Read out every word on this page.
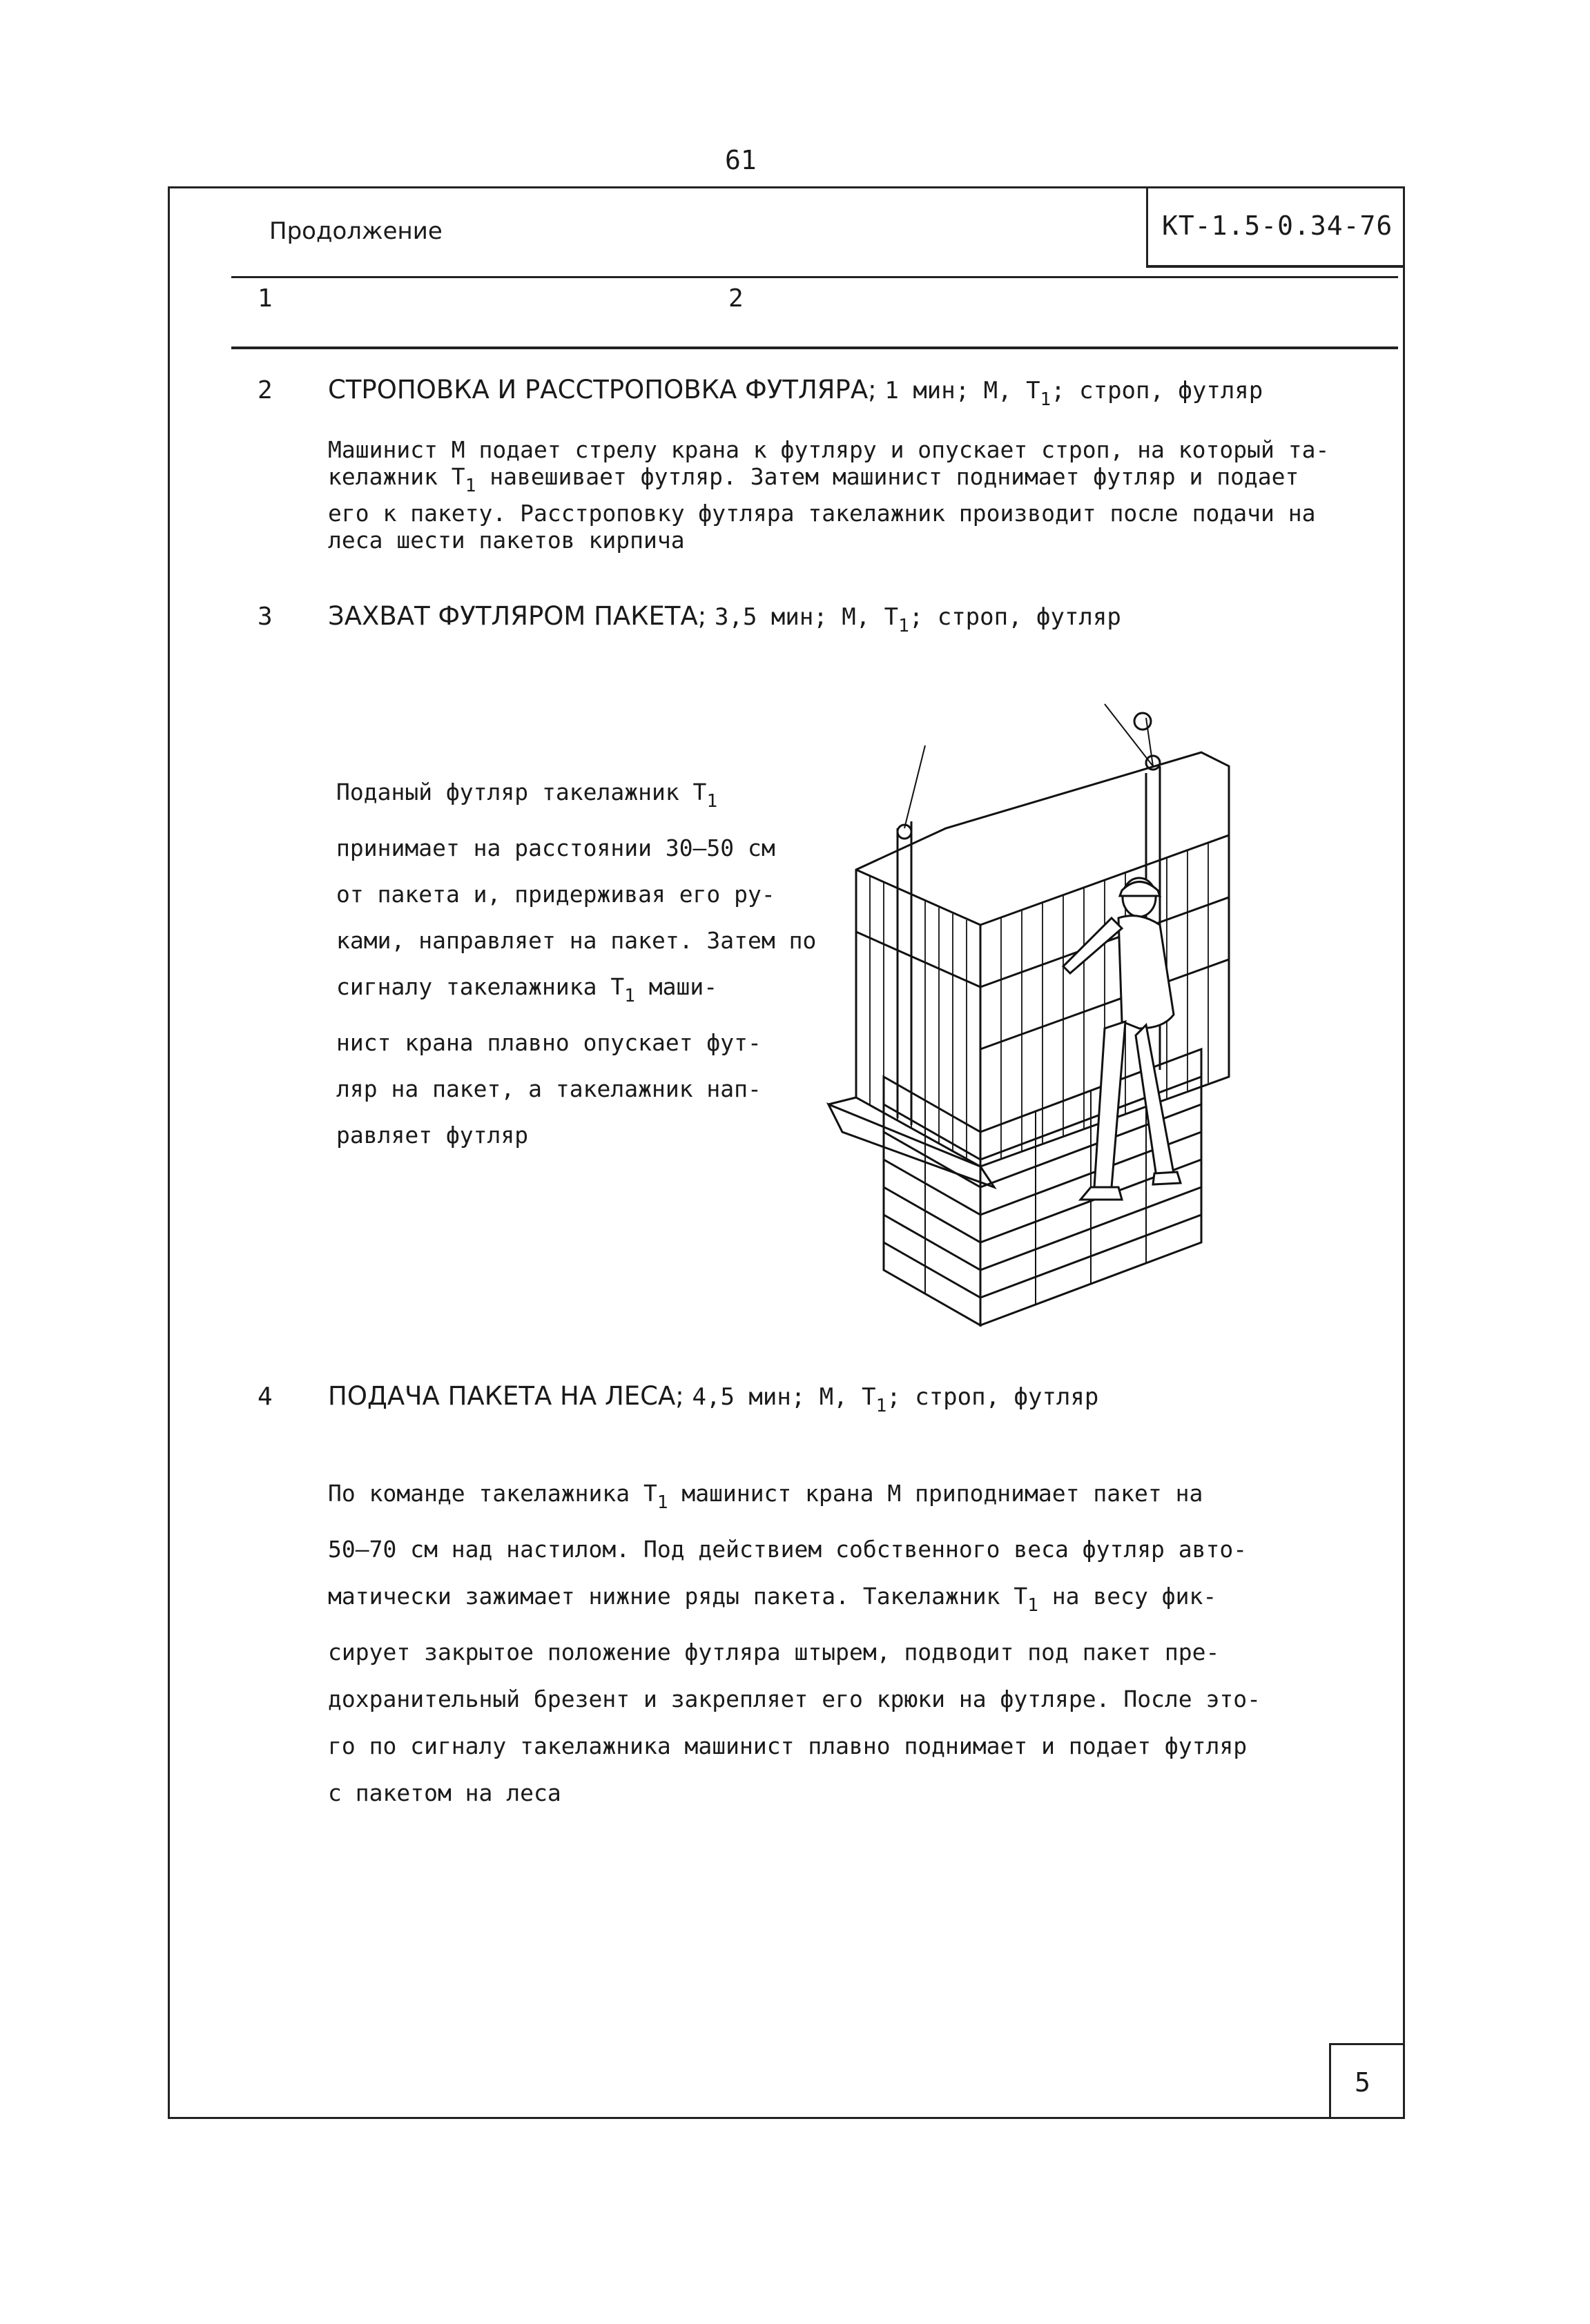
61
КТ-1.5-0.34-76
Продолжение
1	2
2 СТРОПОВКА И РАССТРОПОВКА ФУТЛЯРА; 1 мин; М, $Т_1$; строп, футляр
Машинист М подает стрелу крана к футляру и опускает строп, на который та-
келажник $Т_1$ навешивает футляр. Затем машинист поднимает футляр и подает
его к пакету. Расстроповку футляра такелажник производит после подачи на
леса шести пакетов кирпича
3 ЗАХВАТ ФУТЛЯРОМ ПАКЕТА; 3,5 мин; М, $Т_1$; строп, футляр
Поданый футляр такелажник $Т_1$
принимает на расстоянии 30–50 см
от пакета и, придерживая его ру-
ками, направляет на пакет. Затем по
сигналу такелажника $Т_1$ маши-
нист крана плавно опускает фут-
ляр на пакет, а такелажник нап-
равляет футляр
4 ПОДАЧА ПАКЕТА НА ЛЕСА; 4,5 мин; М, $Т_1$; строп, футляр
По команде такелажника $Т_1$ машинист крана М приподнимает пакет на
50–70 см над настилом. Под действием собственного веса футляр авто-
матически зажимает нижние ряды пакета. Такелажник $Т_1$ на весу фик-
сирует закрытое положение футляра штырем, подводит под пакет пре-
дохранительный брезент и закрепляет его крюки на футляре. После это-
го по сигналу такелажника машинист плавно поднимает и подает футляр
с пакетом на леса
5
